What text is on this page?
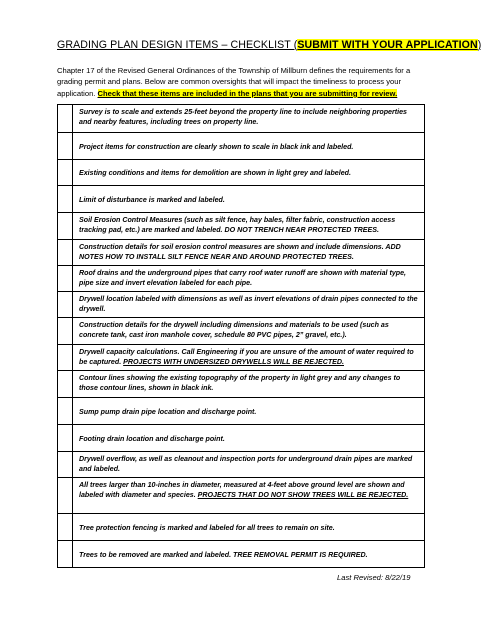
GRADING PLAN DESIGN ITEMS – CHECKLIST (SUBMIT WITH YOUR APPLICATION)
Chapter 17 of the Revised General Ordinances of the Township of Millburn defines the requirements for a grading permit and plans. Below are common oversights that will impact the timeliness to process your application. Check that these items are included in the plans that you are submitting for review.
	Survey is to scale and extends 25-feet beyond the property line to include neighboring properties and nearby features, including trees on property line.
	Project items for construction are clearly shown to scale in black ink and labeled.
	Existing conditions and items for demolition are shown in light grey and labeled.
	Limit of disturbance is marked and labeled.
	Soil Erosion Control Measures (such as silt fence, hay bales, filter fabric, construction access tracking pad, etc.) are marked and labeled. DO NOT TRENCH NEAR PROTECTED TREES.
	Construction details for soil erosion control measures are shown and include dimensions. ADD NOTES HOW TO INSTALL SILT FENCE NEAR AND AROUND PROTECTED TREES.
	Roof drains and the underground pipes that carry roof water runoff are shown with material type, pipe size and invert elevation labeled for each pipe.
	Drywell location labeled with dimensions as well as invert elevations of drain pipes connected to the drywell.
	Construction details for the drywell including dimensions and materials to be used (such as concrete tank, cast iron manhole cover, schedule 80 PVC pipes, 2” gravel, etc.).
	Drywell capacity calculations. Call Engineering if you are unsure of the amount of water required to be captured. PROJECTS WITH UNDERSIZED DRYWELLS WILL BE REJECTED.
	Contour lines showing the existing topography of the property in light grey and any changes to those contour lines, shown in black ink.
	Sump pump drain pipe location and discharge point.
	Footing drain location and discharge point.
	Drywell overflow, as well as cleanout and inspection ports for underground drain pipes are marked and labeled.
	All trees larger than 10-inches in diameter, measured at 4-feet above ground level are shown and labeled with diameter and species. PROJECTS THAT DO NOT SHOW TREES WILL BE REJECTED.
	Tree protection fencing is marked and labeled for all trees to remain on site.
	Trees to be removed are marked and labeled. TREE REMOVAL PERMIT IS REQUIRED.
Last Revised: 8/22/19
